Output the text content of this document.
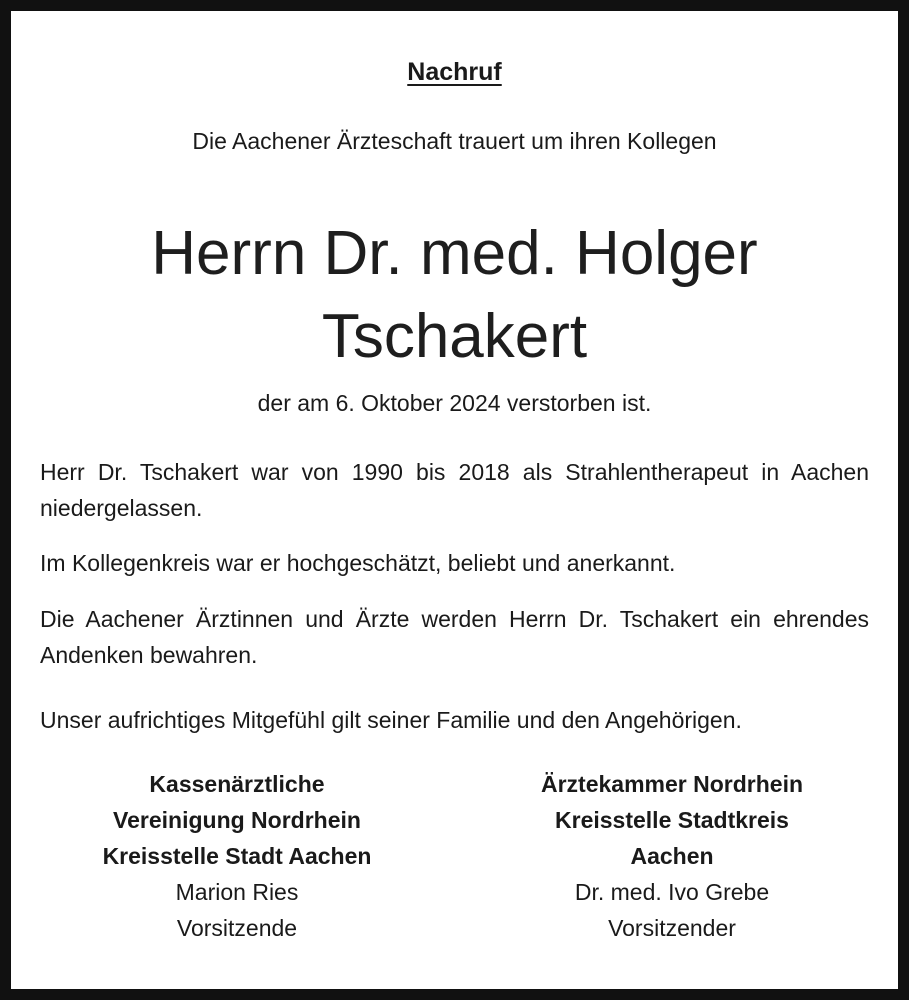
Nachruf
Die Aachener Ärzteschaft trauert um ihren Kollegen
Herrn Dr. med. Holger
Tschakert
der am 6. Oktober 2024 verstorben ist.
Herr Dr. Tschakert war von 1990 bis 2018 als Strahlentherapeut in Aachen niedergelassen.
Im Kollegenkreis war er hochgeschätzt, beliebt und anerkannt.
Die Aachener Ärztinnen und Ärzte werden Herrn Dr. Tschakert ein ehrendes Andenken bewahren.
Unser aufrichtiges Mitgefühl gilt seiner Familie und den Angehörigen.
Kassenärztliche
Vereinigung Nordrhein
Kreisstelle Stadt Aachen
Marion Ries
Vorsitzende
Ärztekammer Nordrhein
Kreisstelle Stadtkreis
Aachen
Dr. med. Ivo Grebe
Vorsitzender
